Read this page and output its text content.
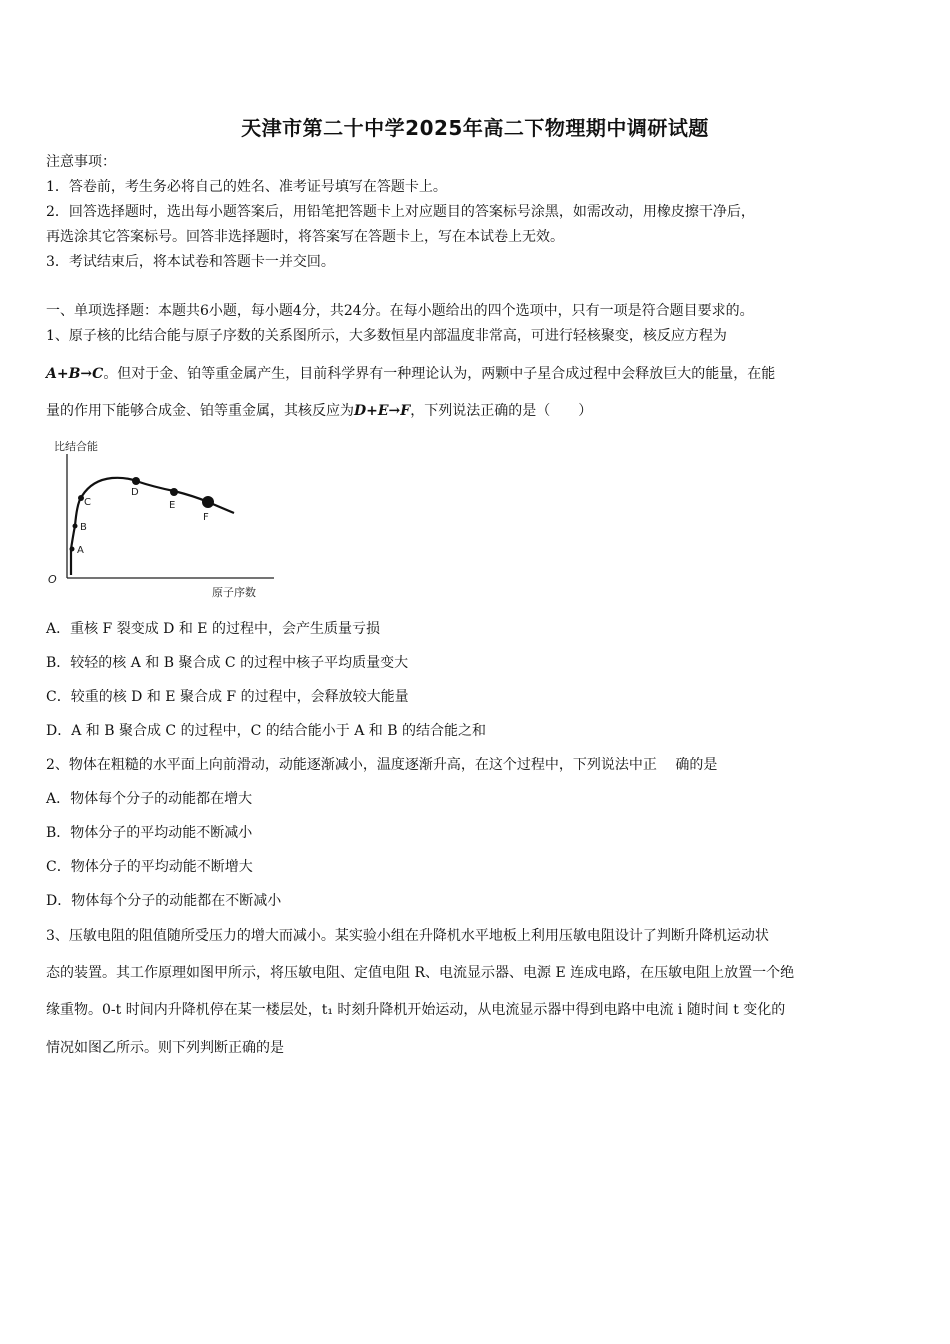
天津市第二十中学2025年高二下物理期中调研试题
注意事项：
1．答卷前，考生务必将自己的姓名、准考证号填写在答题卡上。
2．回答选择题时，选出每小题答案后，用铅笔把答题卡上对应题目的答案标号涂黑，如需改动，用橡皮擦干净后，
再选涂其它答案标号。回答非选择题时，将答案写在答题卡上，写在本试卷上无效。
3．考试结束后，将本试卷和答题卡一并交回。
一、单项选择题：本题共6小题，每小题4分，共24分。在每小题给出的四个选项中，只有一项是符合题目要求的。
1、原子核的比结合能与原子序数的关系图所示，大多数恒星内部温度非常高，可进行轻核聚变，核反应方程为
A+B→C。但对于金、铂等重金属产生，目前科学界有一种理论认为，两颗中子星合成过程中会释放巨大的能量，在能
量的作用下能够合成金、铂等重金属，其核反应为D+E→F，下列说法正确的是（　　）
比结合能
O
原子序数
A
B
C
D
E
F
A．重核 F 裂变成 D 和 E 的过程中，会产生质量亏损
B．较轻的核 A 和 B 聚合成 C 的过程中核子平均质量变大
C．较重的核 D 和 E 聚合成 F 的过程中，会释放较大能量
D．A 和 B 聚合成 C 的过程中，C 的结合能小于 A 和 B 的结合能之和
2、物体在粗糙的水平面上向前滑动，动能逐渐减小，温度逐渐升高，在这个过程中，下列说法中正　 确的是
A．物体每个分子的动能都在增大
B．物体分子的平均动能不断减小
C．物体分子的平均动能不断增大
D．物体每个分子的动能都在不断减小
3、压敏电阻的阻值随所受压力的增大而减小。某实验小组在升降机水平地板上利用压敏电阻设计了判断升降机运动状
态的装置。其工作原理如图甲所示，将压敏电阻、定值电阻 R、电流显示器、电源 E 连成电路，在压敏电阻上放置一个绝
缘重物。0-t 时间内升降机停在某一楼层处，t₁ 时刻升降机开始运动，从电流显示器中得到电路中电流 i 随时间 t 变化的
情况如图乙所示。则下列判断正确的是
